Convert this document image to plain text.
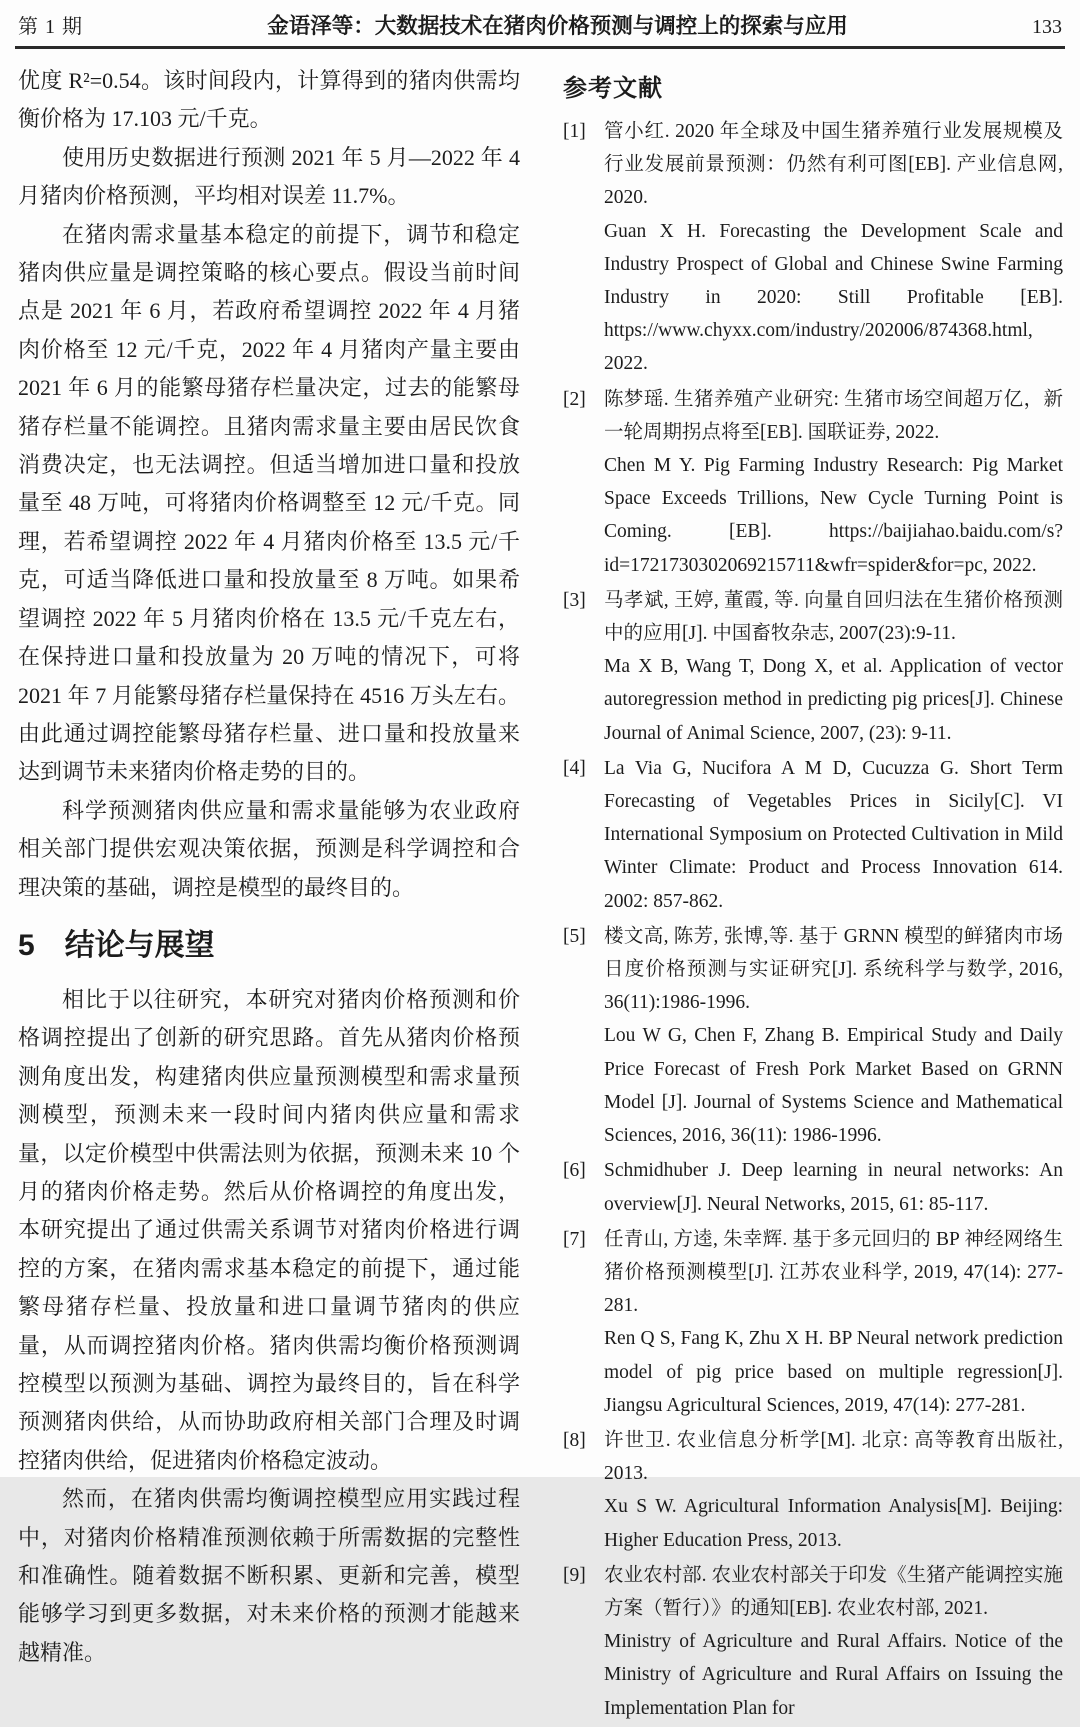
第 1 期	金语泽等：大数据技术在猪肉价格预测与调控上的探索与应用	133

优度 R²=0.54。该时间段内，计算得到的猪肉供需均衡价格为 17.103 元/千克。

使用历史数据进行预测 2021 年 5 月—2022 年 4 月猪肉价格预测，平均相对误差 11.7%。

在猪肉需求量基本稳定的前提下，调节和稳定猪肉供应量是调控策略的核心要点。假设当前时间点是 2021 年 6 月，若政府希望调控 2022 年 4 月猪肉价格至 12 元/千克，2022 年 4 月猪肉产量主要由 2021 年 6 月的能繁母猪存栏量决定，过去的能繁母猪存栏量不能调控。且猪肉需求量主要由居民饮食消费决定，也无法调控。但适当增加进口量和投放量至 48 万吨，可将猪肉价格调整至 12 元/千克。同理，若希望调控 2022 年 4 月猪肉价格至 13.5 元/千克，可适当降低进口量和投放量至 8 万吨。如果希望调控 2022 年 5 月猪肉价格在 13.5 元/千克左右，在保持进口量和投放量为 20 万吨的情况下，可将 2021 年 7 月能繁母猪存栏量保持在 4516 万头左右。由此通过调控能繁母猪存栏量、进口量和投放量来达到调节未来猪肉价格走势的目的。

科学预测猪肉供应量和需求量能够为农业政府相关部门提供宏观决策依据，预测是科学调控和合理决策的基础，调控是模型的最终目的。

5 结论与展望

相比于以往研究，本研究对猪肉价格预测和价格调控提出了创新的研究思路。首先从猪肉价格预测角度出发，构建猪肉供应量预测模型和需求量预测模型，预测未来一段时间内猪肉供应量和需求量，以定价模型中供需法则为依据，预测未来 10 个月的猪肉价格走势。然后从价格调控的角度出发，本研究提出了通过供需关系调节对猪肉价格进行调控的方案，在猪肉需求基本稳定的前提下，通过能繁母猪存栏量、投放量和进口量调节猪肉的供应量，从而调控猪肉价格。猪肉供需均衡价格预测调控模型以预测为基础、调控为最终目的，旨在科学预测猪肉供给，从而协助政府相关部门合理及时调控猪肉供给，促进猪肉价格稳定波动。

然而，在猪肉供需均衡调控模型应用实践过程中，对猪肉价格精准预测依赖于所需数据的完整性和准确性。随着数据不断积累、更新和完善，模型能够学习到更多数据，对未来价格的预测才能越来越精准。

参考文献
[1] 管小红. 2020 年全球及中国生猪养殖行业发展规模及行业发展前景预测：仍然有利可图[EB]. 产业信息网, 2020.

Guan X H. Forecasting the Development Scale and Industry Prospect of Global and Chinese Swine Farming Industry in 2020: Still Profitable [EB]. https://www.chyxx.com/industry/202006/874368.html, 2022.

[2] 陈梦瑶. 生猪养殖产业研究: 生猪市场空间超万亿，新一轮周期拐点将至[EB]. 国联证券, 2022.

Chen M Y. Pig Farming Industry Research: Pig Market Space Exceeds Trillions, New Cycle Turning Point is Coming. [EB]. https://baijiahao.baidu.com/s?id=1721730302069215711&wfr=spider&for=pc, 2022.

[3] 马孝斌, 王婷, 董霞, 等. 向量自回归法在生猪价格预测中的应用[J]. 中国畜牧杂志, 2007(23):9-11.

Ma X B, Wang T, Dong X, et al. Application of vector autoregression method in predicting pig prices[J]. Chinese Journal of Animal Science, 2007, (23): 9-11.

[4] La Via G, Nucifora A M D, Cucuzza G. Short Term Forecasting of Vegetables Prices in Sicily[C]. VI International Symposium on Protected Cultivation in Mild Winter Climate: Product and Process Innovation 614. 2002: 857-862.

[5] 楼文高, 陈芳, 张博,等. 基于 GRNN 模型的鲜猪肉市场日度价格预测与实证研究[J]. 系统科学与数学, 2016, 36(11):1986-1996.

Lou W G, Chen F, Zhang B. Empirical Study and Daily Price Forecast of Fresh Pork Market Based on GRNN Model [J]. Journal of Systems Science and Mathematical Sciences, 2016, 36(11): 1986-1996.

[6] Schmidhuber J. Deep learning in neural networks: An overview[J]. Neural Networks, 2015, 61: 85-117.

[7] 任青山, 方逵, 朱幸辉. 基于多元回归的 BP 神经网络生猪价格预测模型[J]. 江苏农业科学, 2019, 47(14): 277-281.

Ren Q S, Fang K, Zhu X H. BP Neural network prediction model of pig price based on multiple regression[J]. Jiangsu Agricultural Sciences, 2019, 47(14): 277-281.

[8] 许世卫. 农业信息分析学[M]. 北京: 高等教育出版社, 2013.

Xu S W. Agricultural Information Analysis[M]. Beijing: Higher Education Press, 2013.

[9] 农业农村部. 农业农村部关于印发《生猪产能调控实施方案（暂行）》的通知[EB]. 农业农村部, 2021.

Ministry of Agriculture and Rural Affairs. Notice of the Ministry of Agriculture and Rural Affairs on Issuing the Implementation Plan for
